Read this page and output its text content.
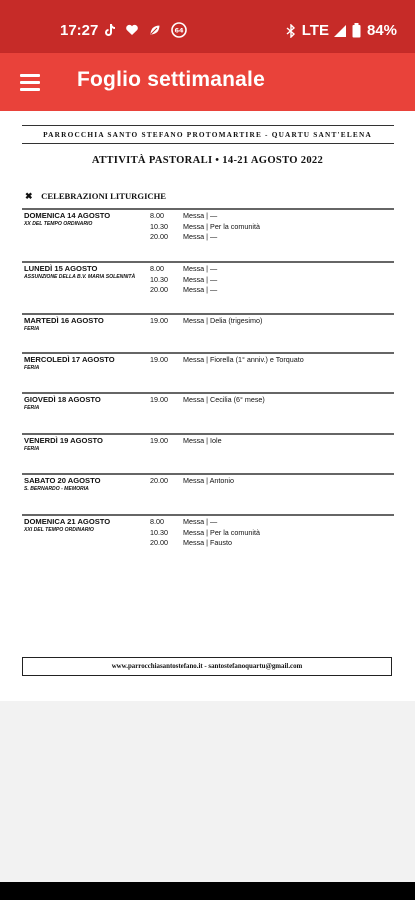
17:27	64	LTE	84%
Foglio settimanale
PARROCCHIA SANTO STEFANO PROTOMARTIRE - QUARTU SANT'ELENA
ATTIVITÀ PASTORALI • 14-21 AGOSTO 2022
✖ CELEBRAZIONI LITURGICHE
DOMENICA 14 AGOSTO
XX DEL TEMPO ORDINARIO
8.00	Messa | —
10.30 Messa | Per la comunità
20.00 Messa | —
LUNEDÌ 15 AGOSTO
ASSUNZIONE DELLA B.V. MARIA SOLENNITÀ
8.00	Messa | —
10.30 Messa | —
20.00 Messa | —
MARTEDÌ 16 AGOSTO
FERIA
19.00 Messa | Delia (trigesimo)
MERCOLEDÌ 17 AGOSTO
FERIA
19.00 Messa | Fiorella (1° anniv.) e Torquato
GIOVEDÌ 18 AGOSTO
FERIA
19.00 Messa | Cecilia (6° mese)
VENERDÌ 19 AGOSTO
FERIA
19.00 Messa | Iole
SABATO 20 AGOSTO
S. BERNARDO - MEMORIA
20.00 Messa | Antonio
DOMENICA 21 AGOSTO
XXI DEL TEMPO ORDINARIO
8.00	Messa | —
10.30 Messa | Per la comunità
20.00 Messa | Fausto
www.parrocchiasantostefano.it - santostefanoquartu@gmail.com
